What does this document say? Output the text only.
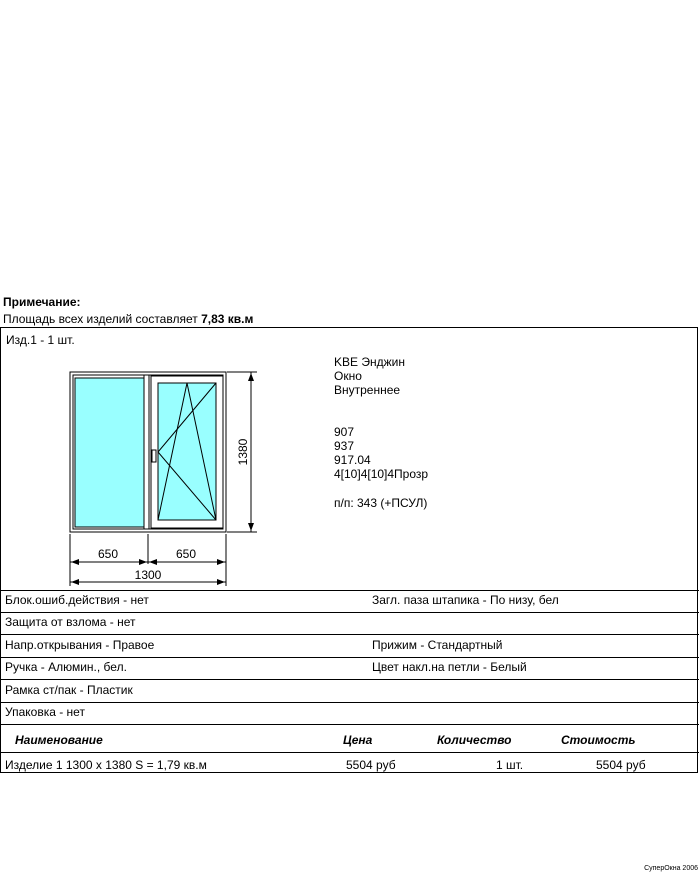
Примечание:
Площадь всех изделий составляет 7,83 кв.м
Изд.1 - 1 шт.
1380
650	650
1300
KBE Энджин
Окно
Внутреннее
907
937
917.04
4[10]4[10]4Прозр
п/п: 343 (+ПСУЛ)
Блок.ошиб.действия - нет	Загл. паза штапика - По низу, бел
Защита от взлома - нет
Напр.открывания - Правое	Прижим - Стандартный
Ручка - Алюмин., бел.	Цвет накл.на петли - Белый
Рамка ст/пак - Пластик
Упаковка - нет
Наименование	Цена	Количество	Стоимость
Изделие 1 1300 x 1380 S = 1,79 кв.м	5504 руб	1 шт.	5504 руб
СуперОкна 2006
